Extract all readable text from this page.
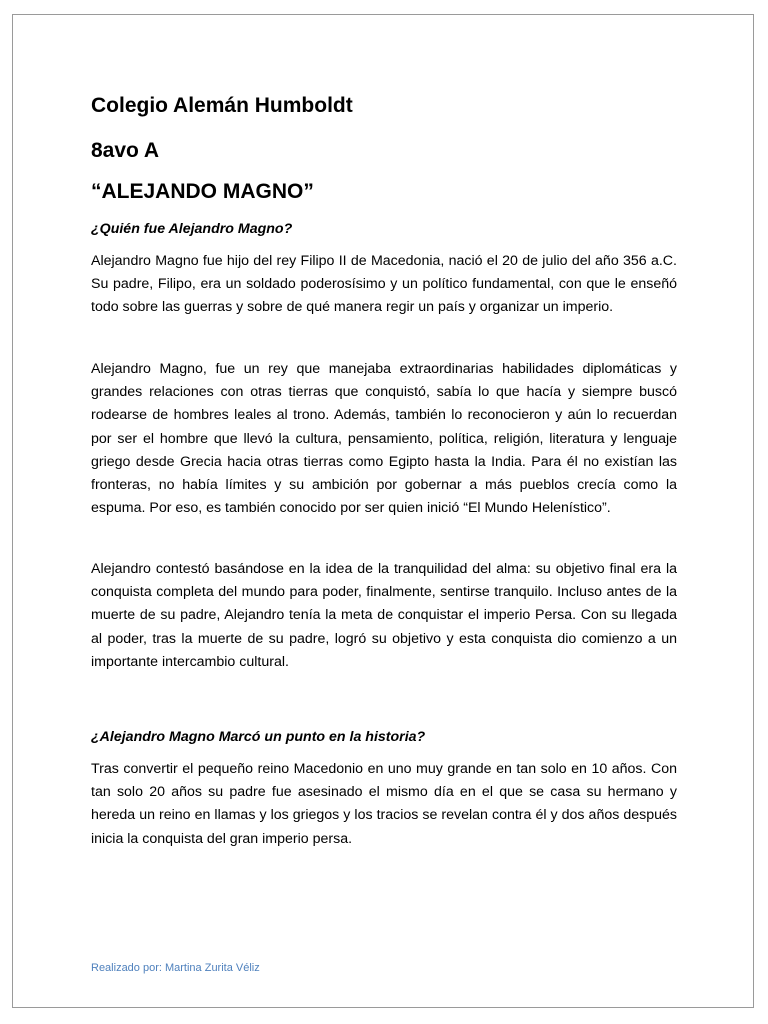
Colegio Alemán Humboldt
8avo A
“ALEJANDO MAGNO”

¿Quién fue Alejandro Magno?

Alejandro Magno fue hijo del rey Filipo II de Macedonia, nació el 20 de julio del año 356 a.C. Su padre, Filipo, era un soldado poderosísimo y un político fundamental, con que le enseñó todo sobre las guerras y sobre de qué manera regir un país y organizar un imperio.

Alejandro Magno, fue un rey que manejaba extraordinarias habilidades diplomáticas y grandes relaciones con otras tierras que conquistó, sabía lo que hacía y siempre buscó rodearse de hombres leales al trono. Además, también lo reconocieron y aún lo recuerdan por ser el hombre que llevó la cultura, pensamiento, política, religión, literatura y lenguaje griego desde Grecia hacia otras tierras como Egipto hasta la India. Para él no existían las fronteras, no había límites y su ambición por gobernar a más pueblos crecía como la espuma. Por eso, es también conocido por ser quien inició “El Mundo Helenístico”.

Alejandro contestó basándose en la idea de la tranquilidad del alma: su objetivo final era la conquista completa del mundo para poder, finalmente, sentirse tranquilo. Incluso antes de la muerte de su padre, Alejandro tenía la meta de conquistar el imperio Persa. Con su llegada al poder, tras la muerte de su padre, logró su objetivo y esta conquista dio comienzo a un importante intercambio cultural.

¿Alejandro Magno Marcó un punto en la historia?

Tras convertir el pequeño reino Macedonio en uno muy grande en tan solo en 10 años. Con tan solo 20 años su padre fue asesinado el mismo día en el que se casa su hermano y hereda un reino en llamas y los griegos y los tracios se revelan contra él y dos años después inicia la conquista del gran imperio persa.

Realizado por: Martina Zurita Véliz
